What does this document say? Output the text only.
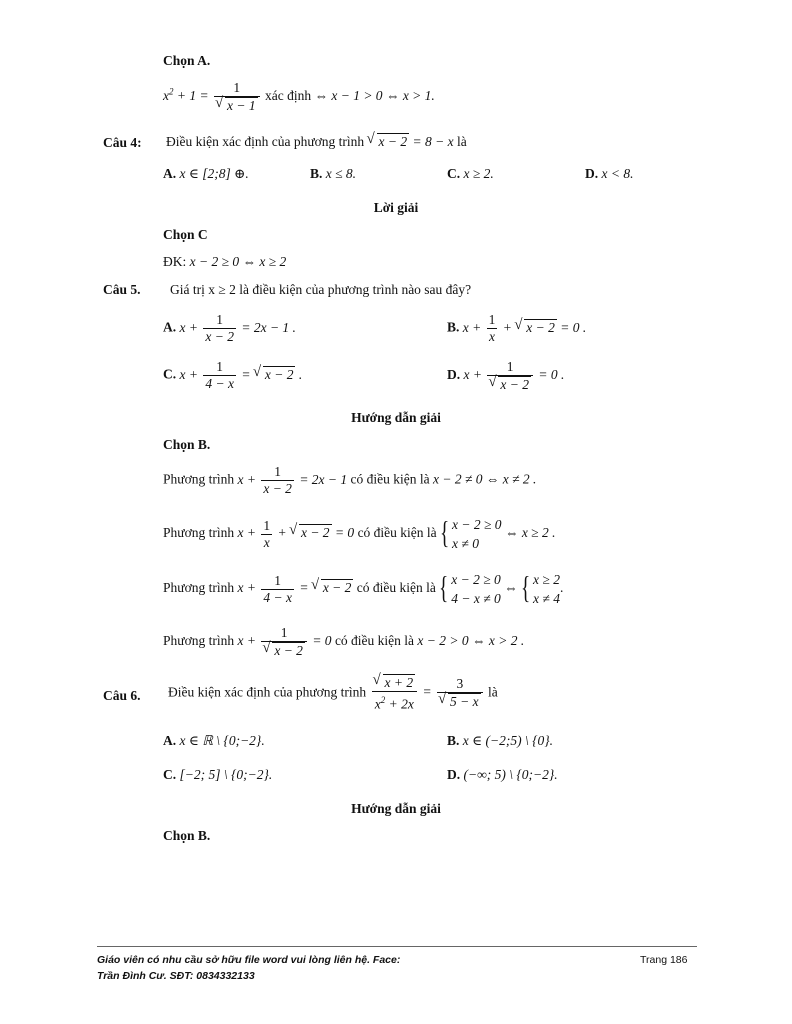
Chọn A.
$x^2 + 1 = 1$
√ x − 1 xác định ⇔ x − 1 > 0 ⇔ x > 1.
Câu 4: Điều kiện xác định của phương trình √ x − 2 = 8 − x là
A. x ∈ [2;8] ⊕.	B. x ≤ 8.	C. x ≥ 2.	D. x < 8.
Lời giải
Chọn C
ĐK: x − 2 ≥ 0 ⇔ x ≥ 2
Câu 5. Giá trị x ≥ 2 là điều kiện của phương trình nào sau đây?
A. $x + \frac{1}{x - 2} = 2x - 1$ .	B. $x + \frac{1}{x}$ + √ x − 2 = 0 .
C. $x + \frac{1}{4 - x}$ = √ x − 2 .	D. x + 1
√ x − 2 = 0 .
Hướng dẫn giải
Chọn B.
Phương trình $x + \frac{1}{x - 2} = 2x - 1$ có điều kiện là x − 2 ≠ 0 ⇔ x ≠ 2 .
Phương trình $x + \frac{1}{x}$ + √ x − 2 = 0 có điều kiện là { x − 2 ≥ 0
x ≠ 0
⇔ x ≥ 2 .
Phương trình $x + \frac{1}{4 - x}$ = √ x − 2 có điều kiện là { x − 2 ≥ 0
4 − x ≠ 0
⇔ { x ≥ 2
x ≠ 4
.
Phương trình x + 1
√ x − 2 = 0 có điều kiện là x − 2 > 0 ⇔ x > 2 .
Câu 6. Điều kiện xác định của phương trình √ $\frac{x + 2}{x^2 + 2x} = 3$
√ 5 − x là
A. x ∈ ℝ \ {0;−2}.	B. x ∈ (−2;5) \ {0}.
C. [−2; 5] \ {0;−2}.	D. (−∞; 5) \ {0;−2}.
Hướng dẫn giải
Chọn B.
Giáo viên có nhu cầu sở hữu file word vui lòng liên hệ. Face:
Trần Đình Cư. SĐT: 0834332133
Trang 186
